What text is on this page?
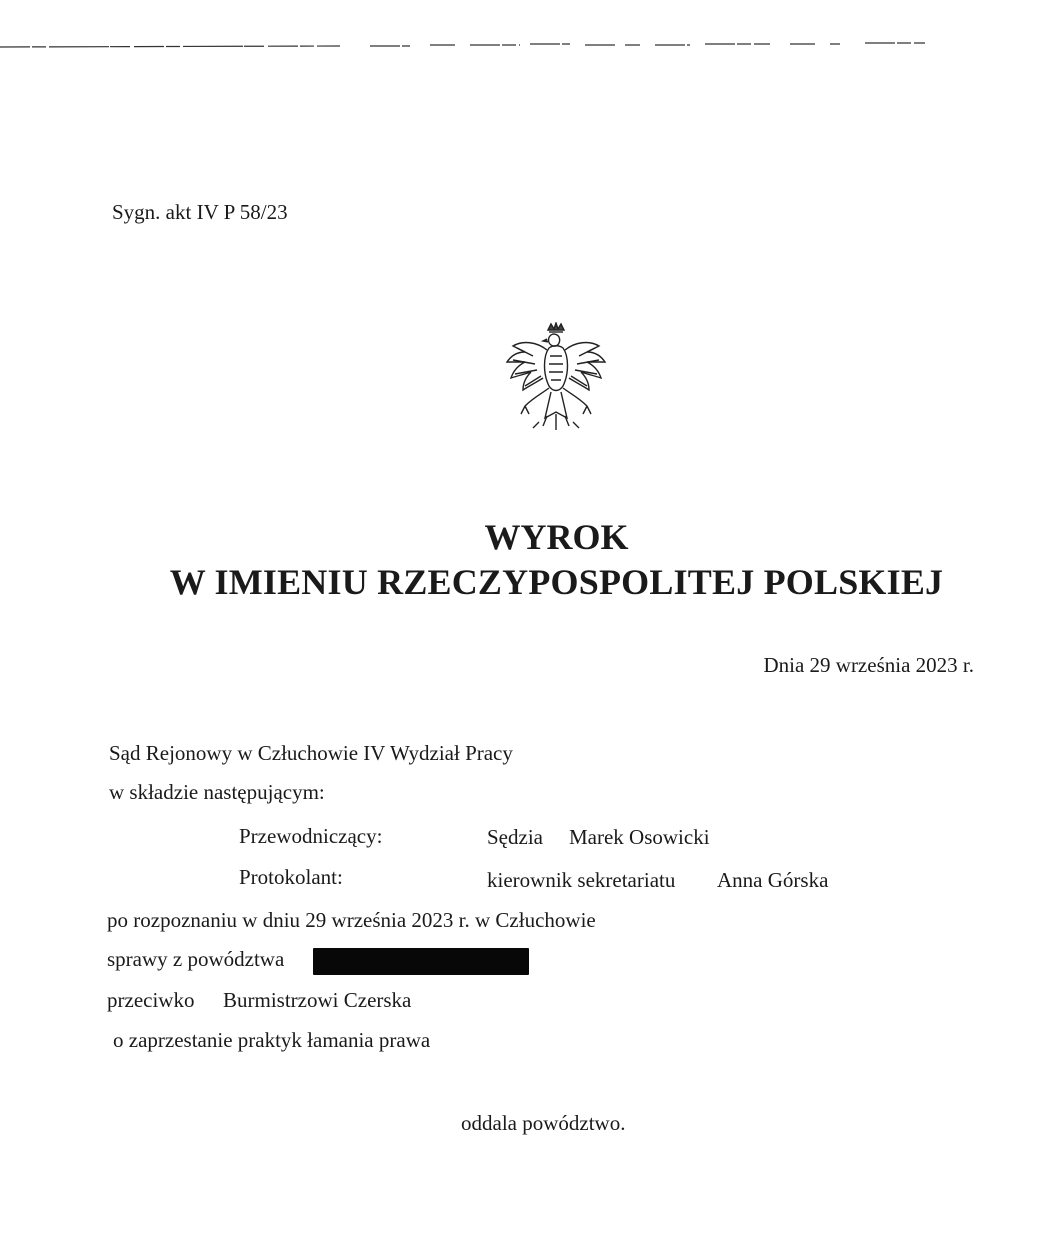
Sygn. akt IV P 58/23
WYROK
W IMIENIU RZECZYPOSPOLITEJ POLSKIEJ
Dnia 29 września 2023 r.
Sąd Rejonowy w Człuchowie IV Wydział Pracy
w składzie następującym:
Przewodniczący:	Sędzia Marek Osowicki
Protokolant:	kierownik sekretariatu Anna Górska
po rozpoznaniu w dniu 29 września 2023 r. w Człuchowie
sprawy z powództwa
przeciwko Burmistrzowi Czerska
o zaprzestanie praktyk łamania prawa
oddala powództwo.
